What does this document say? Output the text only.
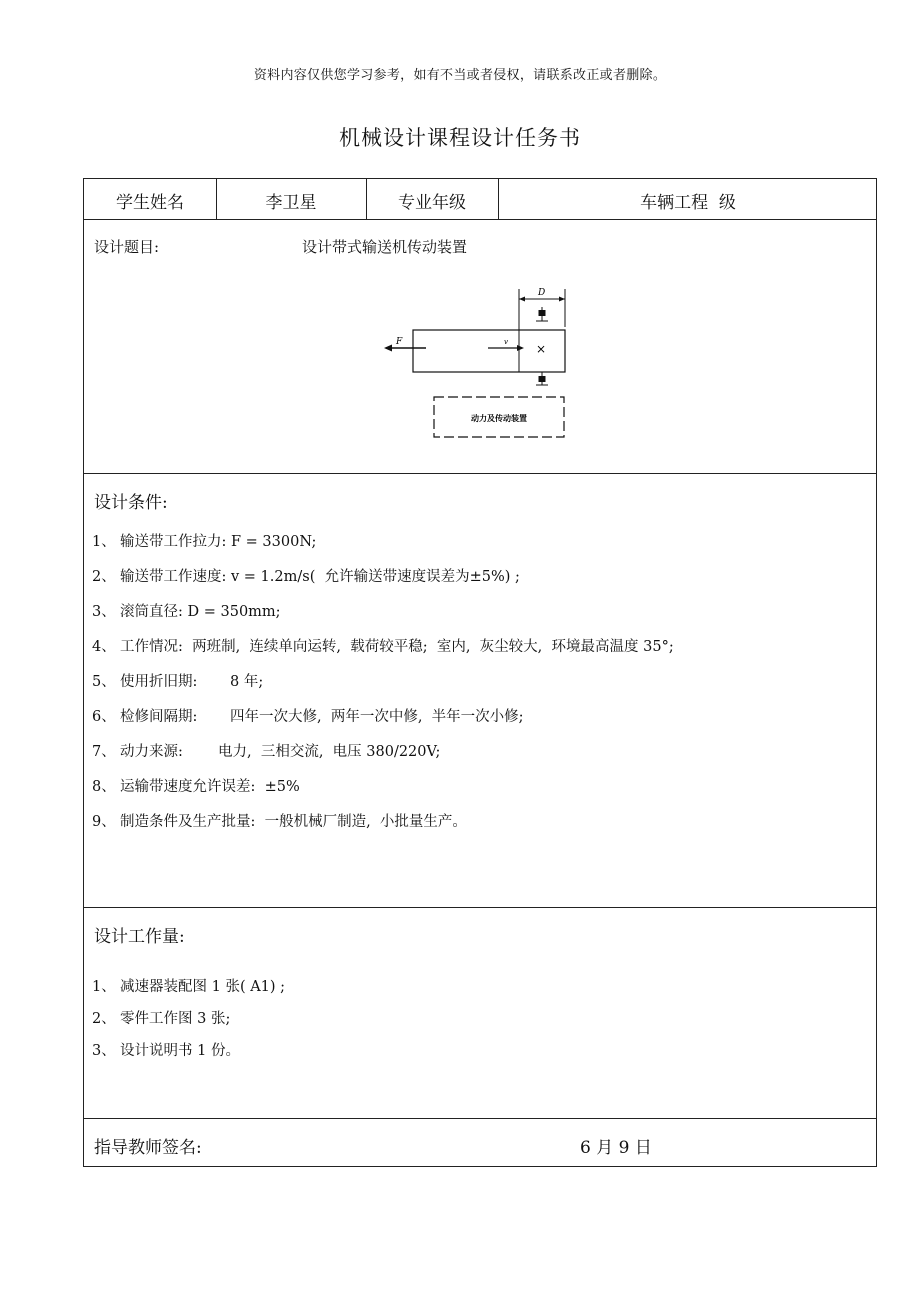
资料内容仅供您学习参考，如有不当或者侵权，请联系改正或者删除。
机械设计课程设计任务书
学生姓名	李卫星	专业年级	车辆工程  级
设计题目:	设计带式输送机传动装置
D
F	v ×
动力及传动装置
设计条件:
1、 输送带工作拉力: F = 3300N;
2、 输送带工作速度: v = 1.2m/s(  允许输送带速度误差为±5%) ;
3、 滚筒直径: D = 350mm;
4、 工作情况:  两班制,  连续单向运转,  载荷较平稳;  室内,  灰尘较大,  环境最高温度 35°;
5、 使用折旧期: 8 年;
6、 检修间隔期: 四年一次大修,  两年一次中修,  半年一次小修;
7、 动力来源: 电力,  三相交流,  电压 380/220V;
8、 运输带速度允许误差:  ±5%
9、 制造条件及生产批量:  一般机械厂制造,  小批量生产。
设计工作量:
1、 减速器装配图 1 张( A1) ;
2、 零件工作图 3 张;
3、 设计说明书 1 份。
指导教师签名:	6 月 9 日
